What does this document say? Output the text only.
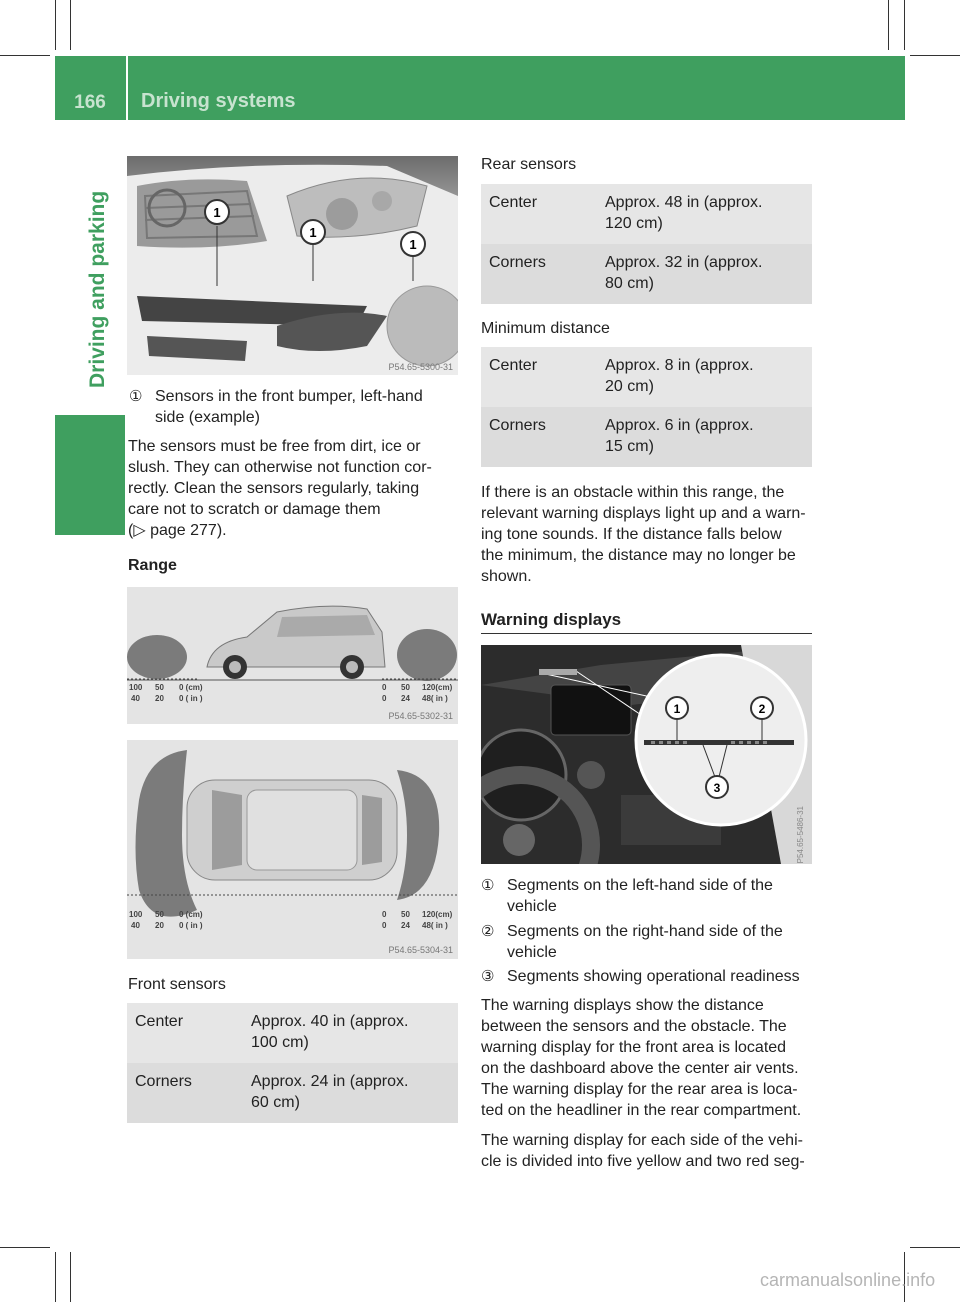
166	Driving systems
Driving and parking	1
1
1
P54.65-5300-31
① Sensors in the front bumper, left-hand
side (example)

The sensors must be free from dirt, ice or

slush. They can otherwise not function cor-

rectly. Clean the sensors regularly, taking

care not to scratch or damage them

(▷ page 277).

Range
100 50 0 (cm)
40 20 0 ( in )
0 50 120(cm)
0 24 48( in )
P54.65-5302-31
100 50 0 (cm)
40 20 0 ( in )
0 50 120(cm)
0 24 48( in )
P54.65-5304-31
Front sensors
Center	Approx. 40 in (approx.
100 cm)
Corners	Approx. 24 in (approx.
60 cm)
Rear sensors
Center	Approx. 48 in (approx.
120 cm)
Corners	Approx. 32 in (approx.
80 cm)
Minimum distance
Center	Approx. 8 in (approx.
20 cm)
Corners	Approx. 6 in (approx.
15 cm)

If there is an obstacle within this range, the

relevant warning displays light up and a warn-

ing tone sounds. If the distance falls below

the minimum, the distance may no longer be

shown.

Warning displays
1	2
3
P54.65-5486-31
① Segments on the left-hand side of the
vehicle
② Segments on the right-hand side of the
vehicle
③ Segments showing operational readiness

The warning displays show the distance

between the sensors and the obstacle. The

warning display for the front area is located

on the dashboard above the center air vents.

The warning display for the rear area is loca-

ted on the headliner in the rear compartment.

The warning display for each side of the vehi-

cle is divided into five yellow and two red seg-

carmanualsonline.info
